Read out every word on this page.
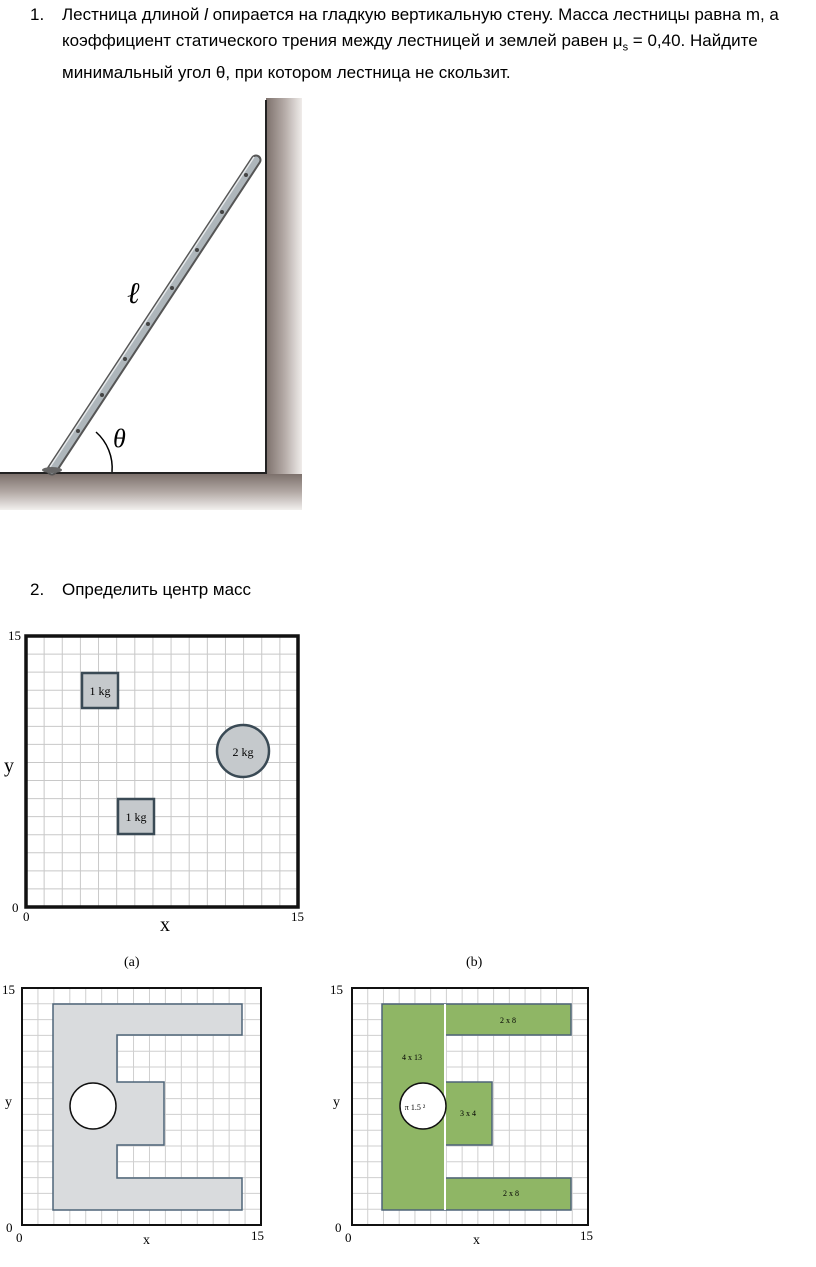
1. Лестница длиной l опирается на гладкую вертикальную стену. Масса лестницы равна m, а коэффициент статического трения между лестницей и землей равен $\mu_s = 0,40$. Найдите минимальный угол θ, при котором лестница не скользит.
ℓ
θ
2. Определить центр масс
1 kg
2 kg
1 kg
15
y
0
0	15
x
(a)
15
y
0
0	x	15
(b)
2 x 8
4 x 13
π 1.5 ²
3 x 4
2 x 8
15
y
0
0	x	15
